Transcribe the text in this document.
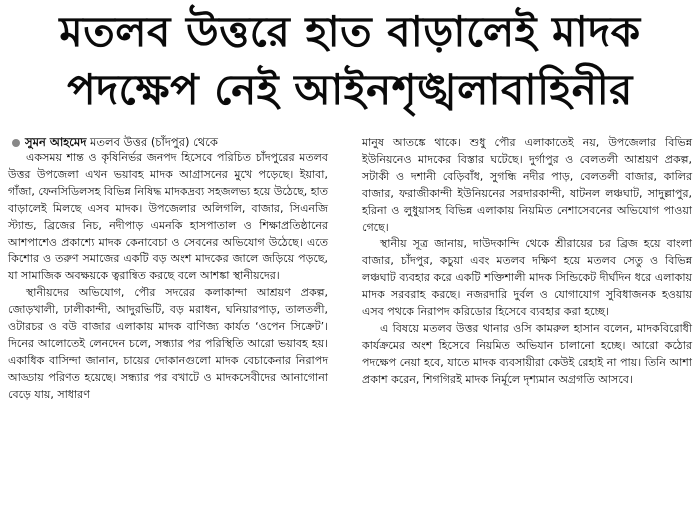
মতলব উত্তরে হাত বাড়ালেই মাদক
পদক্ষেপ নেই আইনশৃঙ্খলাবাহিনীর
সুমন আহমেদ মতলব উত্তর (চাঁদপুর) থেকে

একসময় শান্ত ও কৃষিনির্ভর জনপদ হিসেবে পরিচিত চাঁদপুরের মতলব উত্তর উপজেলা এখন ভয়াবহ মাদক আগ্রাসনের মুখে পড়েছে। ইয়াবা, গাঁজা, ফেনসিডিলসহ বিভিন্ন নিষিদ্ধ মাদকদ্রব্য সহজলভ্য হয়ে উঠেছে, হাত বাড়ালেই মিলছে এসব মাদক। উপজেলার অলিগলি, বাজার, সিএনজি স্ট্যান্ড, ব্রিজের নিচ, নদীপাড় এমনকি হাসপাতাল ও শিক্ষাপ্রতিষ্ঠানের আশপাশেও প্রকাশ্যে মাদক কেনাবেচা ও সেবনের অভিযোগ উঠেছে। এতে কিশোর ও তরুণ সমাজের একটি বড় অংশ মাদকের জালে জড়িয়ে পড়ছে, যা সামাজিক অবক্ষয়কে ত্বরান্বিত করছে বলে আশঙ্কা স্থানীয়দের।

স্থানীয়দের অভিযোগ, পৌর সদরের কলাকান্দা আশ্রয়ণ প্রকল্প, জোড়খালী, ঢালীকান্দী, আদুরভিটি, বড় মরাধন, ঘনিয়ারপাড়, তালতলী, ওটারচর ও বউ বাজার এলাকায় মাদক বাণিজ্য কার্যত ‘ওপেন সিক্রেট’। দিনের আলোতেই লেনদেন চলে, সন্ধ্যার পর পরিস্থিতি আরো ভয়াবহ হয়। একাধিক বাসিন্দা জানান, চায়ের দোকানগুলো মাদক বেচাকেনার নিরাপদ আড্ডায় পরিণত হয়েছে। সন্ধ্যার পর বখাটে ও মাদকসেবীদের আনাগোনা বেড়ে যায়, সাধারণ

মানুষ আতঙ্কে থাকে। শুধু পৌর এলাকাতেই নয়, উপজেলার বিভিন্ন ইউনিয়নেও মাদকের বিস্তার ঘটেছে। দুর্গাপুর ও বেলতলী আশ্রয়ণ প্রকল্প, সটাকী ও দশানী বেড়িবাঁধ, সুগন্ধি নদীর পাড়, বেলতলী বাজার, কালির বাজার, ফরাজীকান্দী ইউনিয়নের সরদারকান্দী, ষাটনল লঞ্চঘাট, সাদুল্লাপুর, হরিনা ও লুধুয়াসহ বিভিন্ন এলাকায় নিয়মিত নেশাসেবনের অভিযোগ পাওয়া গেছে।

স্থানীয় সূত্র জানায়, দাউদকান্দি থেকে শ্রীরায়ের চর ব্রিজ হয়ে বাংলা বাজার, চাঁদপুর, কচুয়া এবং মতলব দক্ষিণ হয়ে মতলব সেতু ও বিভিন্ন লঞ্চঘাট ব্যবহার করে একটি শক্তিশালী মাদক সিন্ডিকেট দীর্ঘদিন ধরে এলাকায় মাদক সরবরাহ করছে। নজরদারি দুর্বল ও যোগাযোগ সুবিধাজনক হওয়ায় এসব পথকে নিরাপদ করিডোর হিসেবে ব্যবহার করা হচ্ছে।

এ বিষয়ে মতলব উত্তর থানার ওসি কামরুল হাসান বলেন, মাদকবিরোধী কার্যক্রমের অংশ হিসেবে নিয়মিত অভিযান চালানো হচ্ছে। আরো কঠোর পদক্ষেপ নেয়া হবে, যাতে মাদক ব্যবসায়ীরা কেউই রেহাই না পায়। তিনি আশা প্রকাশ করেন, শিগগিরই মাদক নির্মূলে দৃশ্যমান অগ্রগতি আসবে।
